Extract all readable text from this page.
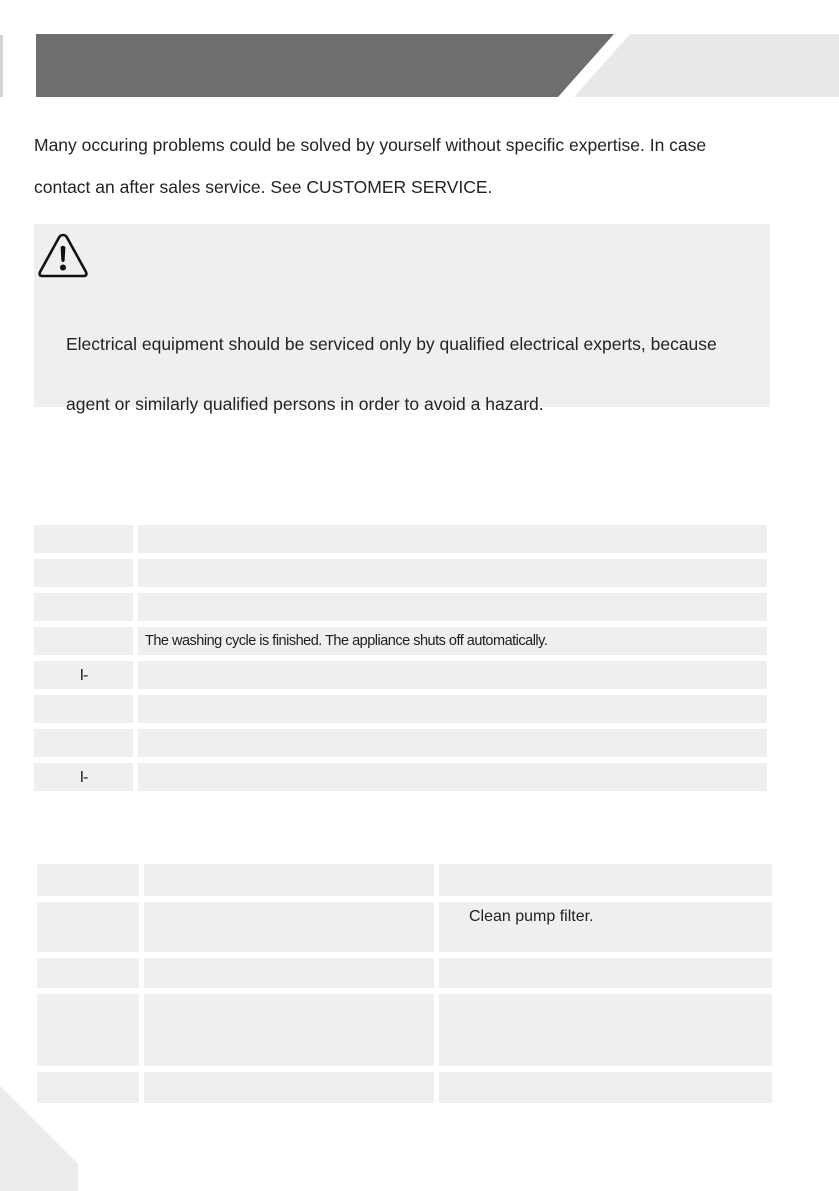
Many occuring problems could be solved by yourself without specific expertise. In case
contact an after sales service. See CUSTOMER SERVICE.

Electrical equipment should be serviced only by qualified electrical experts, because
agent or similarly qualified persons in order to avoid a hazard.
The washing cycle is finished. The appliance shuts off automatically.
I-
I-
Clean pump filter.
